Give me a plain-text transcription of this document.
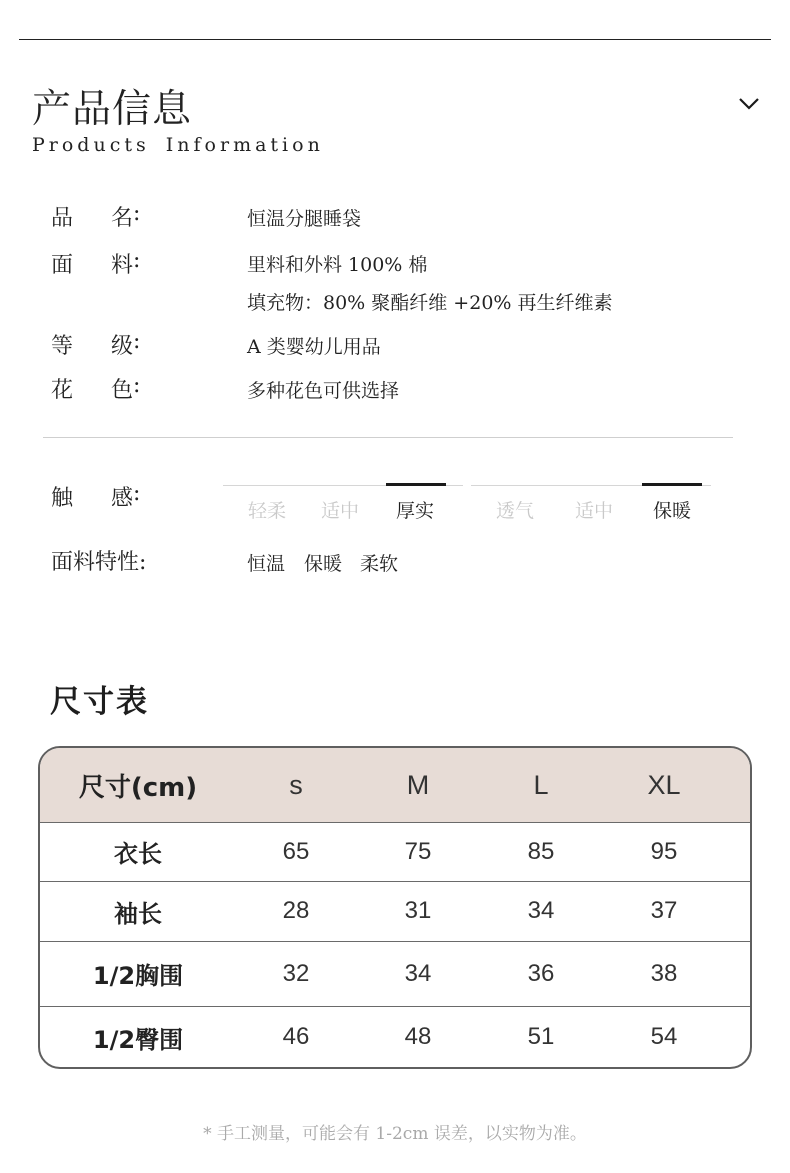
产品信息
Products Information
品 名 :	恒温分腿睡袋
面 料 :	里料和外料 100% 棉
填充物：80% 聚酯纤维 +20% 再生纤维素
等 级 :	A 类婴幼儿用品
花 色 :	多种花色可供选择
触 感 :
轻柔 适中 厚实	透气 适中 保暖
面料特性:	恒温 保暖 柔软
尺寸表
尺寸(cm)	s	M	L	XL
衣长	65	75	85	95
袖长	28	31	34	37
1/2胸围	32	34	36	38
1/2臀围	46	48	51	54
* 手工测量，可能会有 1-2cm 误差，以实物为准。
